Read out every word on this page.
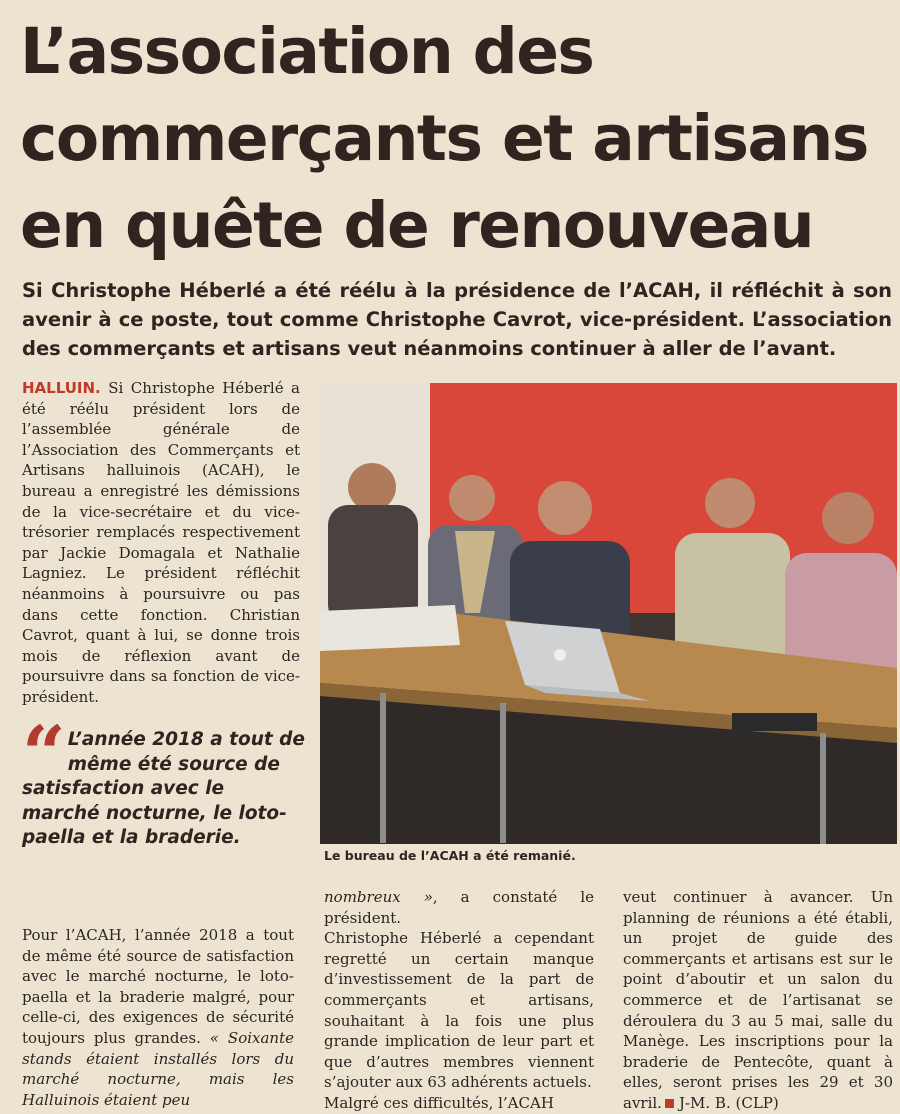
L’association des
commerçants et artisans
en quête de renouveau
Si Christophe Héberlé a été réélu à la présidence de l’ACAH, il réfléchit à son avenir à ce poste, tout comme Christophe Cavrot, vice-président. L’association des commerçants et artisans veut néanmoins continuer à aller de l’avant.
HALLUIN. Si Christophe Héberlé a été réélu président lors de l’assemblée générale de l’Association des Commerçants et Artisans halluinois (ACAH), le bureau a enregistré les démissions de la vice-secrétaire et du vice-trésorier remplacés respectivement par Jackie Domagala et Nathalie Lagniez. Le président réfléchit néanmoins à poursuivre ou pas dans cette fonction. Christian Cavrot, quant à lui, se donne trois mois de réflexion avant de poursuivre dans sa fonction de vice-président.
“ L’année 2018 a tout de même été source de satisfaction avec le marché nocturne, le loto-paella et la braderie.
Pour l’ACAH, l’année 2018 a tout de même été source de satisfaction avec le marché nocturne, le loto-paella et la braderie malgré, pour celle-ci, des exigences de sécurité toujours plus grandes. « Soixante stands étaient installés lors du marché nocturne, mais les Halluinois étaient peu
nombreux », a constaté le président.
Christophe Héberlé a cependant regretté un certain manque d’investissement de la part de commerçants et artisans, souhaitant à la fois une plus grande implication de leur part et que d’autres membres viennent s’ajouter aux 63 adhérents actuels.
Malgré ces difficultés, l’ACAH
veut continuer à avancer. Un planning de réunions a été établi, un projet de guide des commerçants et artisans est sur le point d’aboutir et un salon du commerce et de l’artisanat se déroulera du 3 au 5 mai, salle du Manège. Les inscriptions pour la braderie de Pentecôte, quant à elles, seront prises les 29 et 30 avril. J-M. B. (CLP)
Le bureau de l’ACAH a été remanié.
